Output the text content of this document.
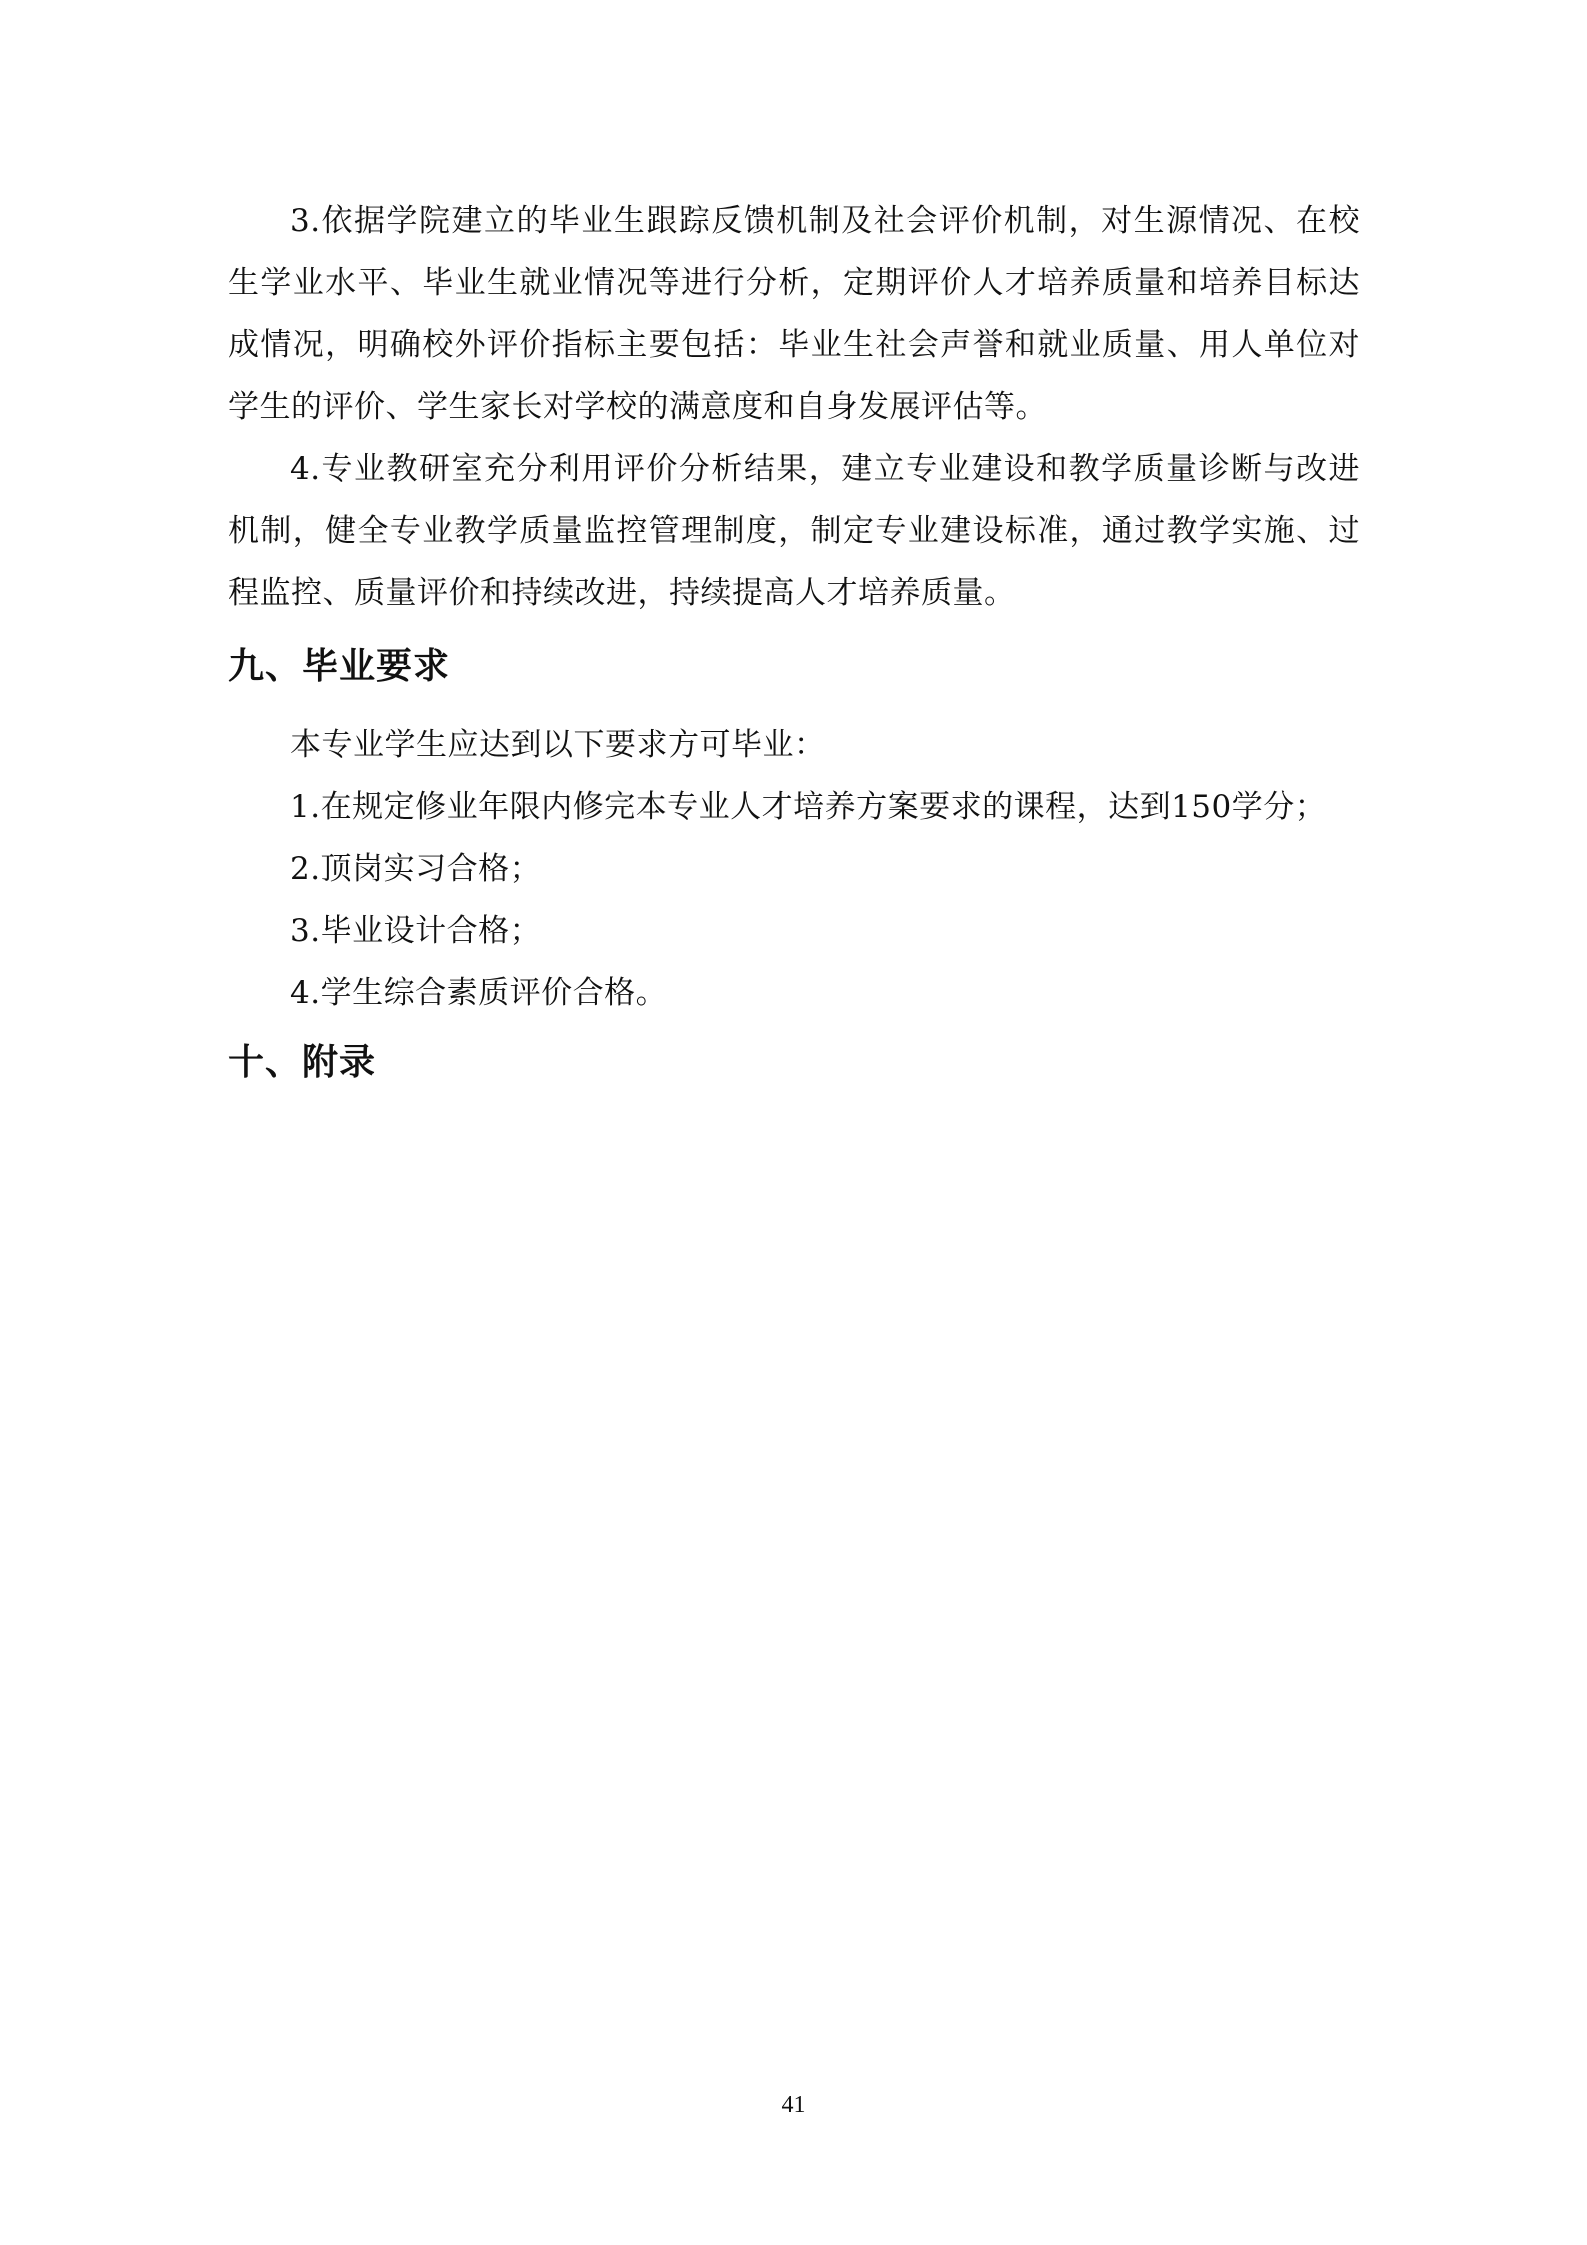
3.依据学院建立的毕业生跟踪反馈机制及社会评价机制，对生源情况、在校生学业水平、毕业生就业情况等进行分析，定期评价人才培养质量和培养目标达成情况，明确校外评价指标主要包括：毕业生社会声誉和就业质量、用人单位对学生的评价、学生家长对学校的满意度和自身发展评估等。

4.专业教研室充分利用评价分析结果，建立专业建设和教学质量诊断与改进机制，健全专业教学质量监控管理制度，制定专业建设标准，通过教学实施、过程监控、质量评价和持续改进，持续提高人才培养质量。

九、毕业要求

本专业学生应达到以下要求方可毕业：

1.在规定修业年限内修完本专业人才培养方案要求的课程，达到150学分；

2.顶岗实习合格；

3.毕业设计合格；

4.学生综合素质评价合格。

十、附录
41
